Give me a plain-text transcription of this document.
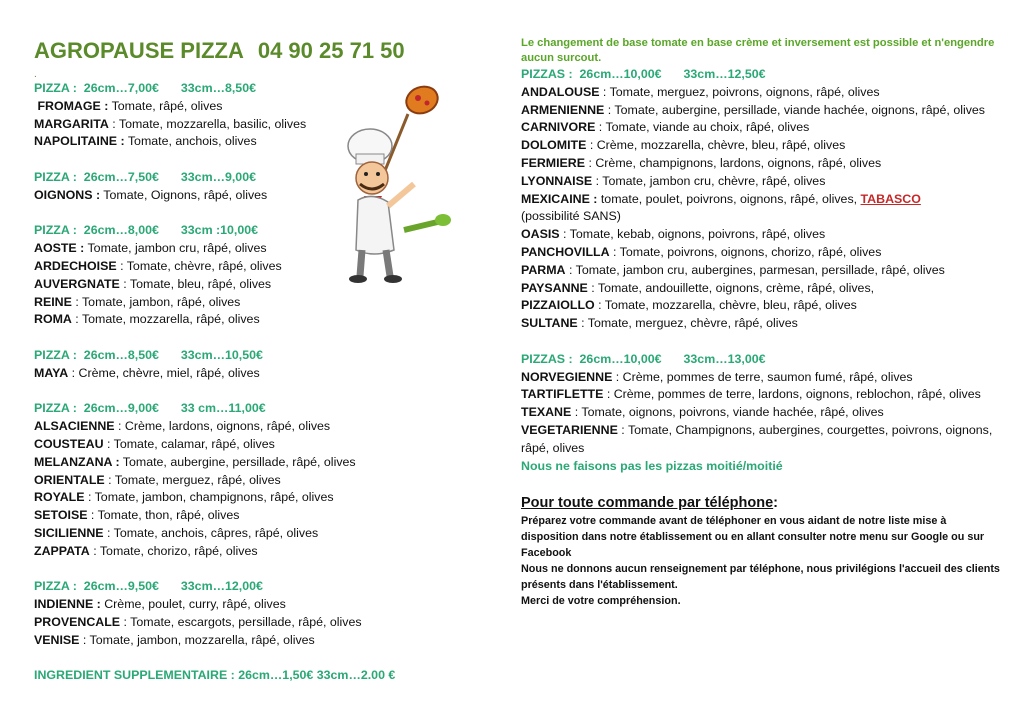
AGROPAUSE PIZZA 04 90 25 71 50
.
PIZZA : 26cm…7,00€ 33cm…8,50€
FROMAGE : Tomate, râpé, olives
MARGARITA : Tomate, mozzarella, basilic, olives
NAPOLITAINE : Tomate, anchois, olives
PIZZA : 26cm…7,50€ 33cm…9,00€
OIGNONS : Tomate, Oignons, râpé, olives
PIZZA : 26cm…8,00€ 33cm :10,00€
AOSTE : Tomate, jambon cru, râpé, olives
ARDECHOISE : Tomate, chèvre, râpé, olives
AUVERGNATE : Tomate, bleu, râpé, olives
REINE : Tomate, jambon, râpé, olives
ROMA : Tomate, mozzarella, râpé, olives
PIZZA : 26cm…8,50€ 33cm…10,50€
MAYA : Crème, chèvre, miel, râpé, olives
PIZZA : 26cm…9,00€ 33 cm…11,00€
ALSACIENNE : Crème, lardons, oignons, râpé, olives
COUSTEAU : Tomate, calamar, râpé, olives
MELANZANA : Tomate, aubergine, persillade, râpé, olives
ORIENTALE : Tomate, merguez, râpé, olives
ROYALE : Tomate, jambon, champignons, râpé, olives
SETOISE : Tomate, thon, râpé, olives
SICILIENNE : Tomate, anchois, câpres, râpé, olives
ZAPPATA : Tomate, chorizo, râpé, olives
PIZZA : 26cm…9,50€ 33cm…12,00€
INDIENNE : Crème, poulet, curry, râpé, olives
PROVENCALE : Tomate, escargots, persillade, râpé, olives
VENISE : Tomate, jambon, mozzarella, râpé, olives
INGREDIENT SUPPLEMENTAIRE : 26cm…1,50€ 33cm…2.00 €
Le changement de base tomate en base crème et inversement est possible et n'engendre aucun surcout.
PIZZAS : 26cm…10,00€ 33cm…12,50€
ANDALOUSE : Tomate, merguez, poivrons, oignons, râpé, olives
ARMENIENNE : Tomate, aubergine, persillade, viande hachée, oignons, râpé, olives
CARNIVORE : Tomate, viande au choix, râpé, olives
DOLOMITE : Crème, mozzarella, chèvre, bleu, râpé, olives
FERMIERE : Crème, champignons, lardons, oignons, râpé, olives
LYONNAISE : Tomate, jambon cru, chèvre, râpé, olives
MEXICAINE : tomate, poulet, poivrons, oignons, râpé, olives, TABASCO
(possibilité SANS)
OASIS : Tomate, kebab, oignons, poivrons, râpé, olives
PANCHOVILLA : Tomate, poivrons, oignons, chorizo, râpé, olives
PARMA : Tomate, jambon cru, aubergines, parmesan, persillade, râpé, olives
PAYSANNE : Tomate, andouillette, oignons, crème, râpé, olives,
PIZZAIOLLO : Tomate, mozzarella, chèvre, bleu, râpé, olives
SULTANE : Tomate, merguez, chèvre, râpé, olives
PIZZAS : 26cm…10,00€ 33cm…13,00€
NORVEGIENNE : Crème, pommes de terre, saumon fumé, râpé, olives
TARTIFLETTE : Crème, pommes de terre, lardons, oignons, reblochon, râpé, olives
TEXANE : Tomate, oignons, poivrons, viande hachée, râpé, olives
VEGETARIENNE : Tomate, Champignons, aubergines, courgettes, poivrons, oignons, râpé, olives
Nous ne faisons pas les pizzas moitié/moitié
Pour toute commande par téléphone:
Préparez votre commande avant de téléphoner en vous aidant de notre liste mise à disposition dans notre établissement ou en allant consulter notre menu sur Google ou sur Facebook
Nous ne donnons aucun renseignement par téléphone, nous privilégions l'accueil des clients présents dans l'établissement.
Merci de votre compréhension.
